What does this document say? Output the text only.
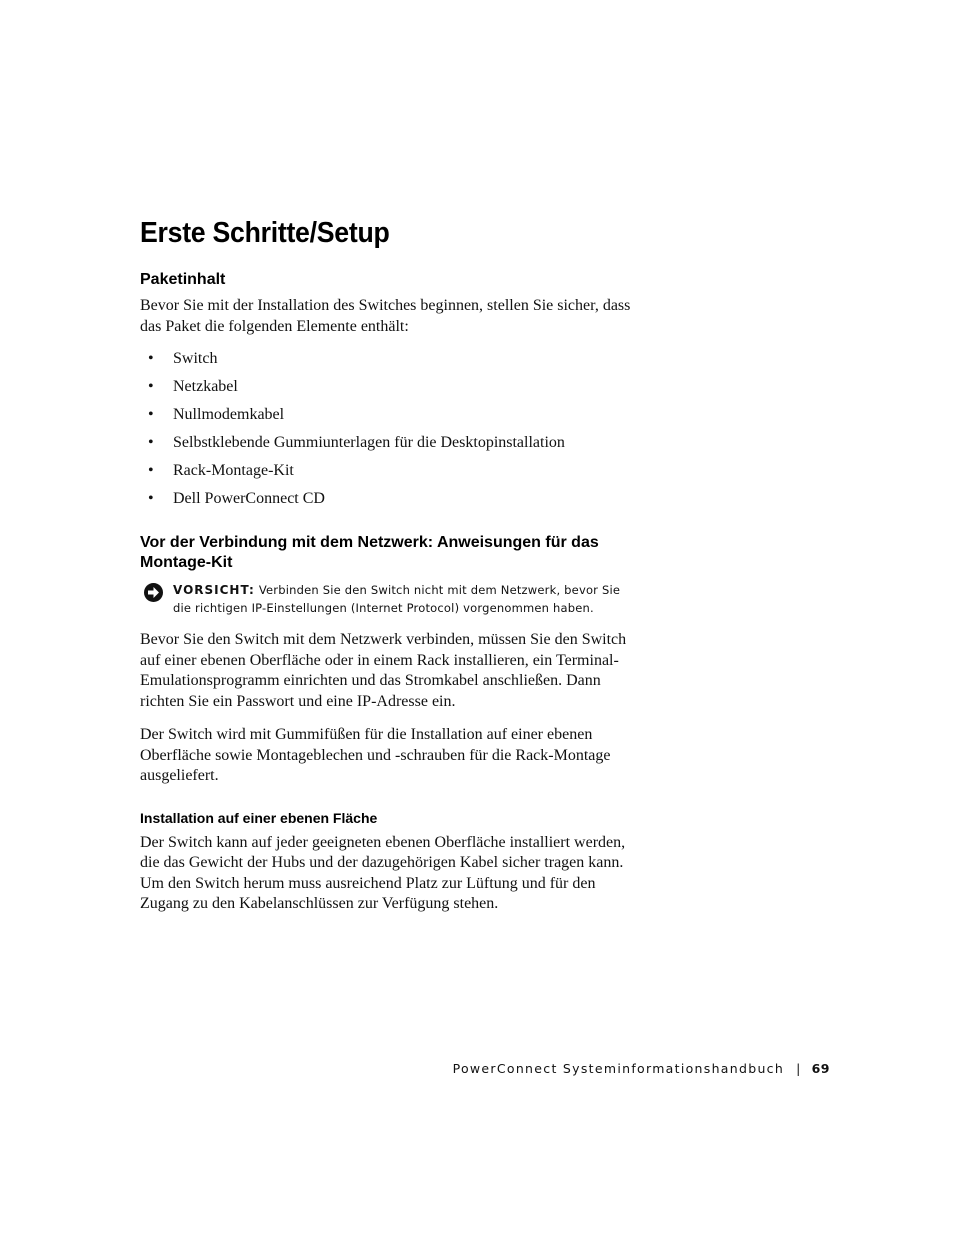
Erste Schritte/Setup
Paketinhalt

Bevor Sie mit der Installation des Switches beginnen, stellen Sie sicher, dass das Paket die folgenden Elemente enthält:

• Switch
• Netzkabel
• Nullmodemkabel
• Selbstklebende Gummiunterlagen für die Desktopinstallation
• Rack-Montage-Kit
• Dell PowerConnect CD
Vor der Verbindung mit dem Netzwerk: Anweisungen für das Montage-Kit
VORSICHT: Verbinden Sie den Switch nicht mit dem Netzwerk, bevor Sie die richtigen IP-Einstellungen (Internet Protocol) vorgenommen haben.

Bevor Sie den Switch mit dem Netzwerk verbinden, müssen Sie den Switch auf einer ebenen Oberfläche oder in einem Rack installieren, ein Terminal-Emulationsprogramm einrichten und das Stromkabel anschließen. Dann richten Sie ein Passwort und eine IP-Adresse ein.

Der Switch wird mit Gummifüßen für die Installation auf einer ebenen Oberfläche sowie Montageblechen und -schrauben für die Rack-Montage ausgeliefert.

Installation auf einer ebenen Fläche

Der Switch kann auf jeder geeigneten ebenen Oberfläche installiert werden, die das Gewicht der Hubs und der dazugehörigen Kabel sicher tragen kann. Um den Switch herum muss ausreichend Platz zur Lüftung und für den Zugang zu den Kabelanschlüssen zur Verfügung stehen.

PowerConnect Systeminformationshandbuch | 69
